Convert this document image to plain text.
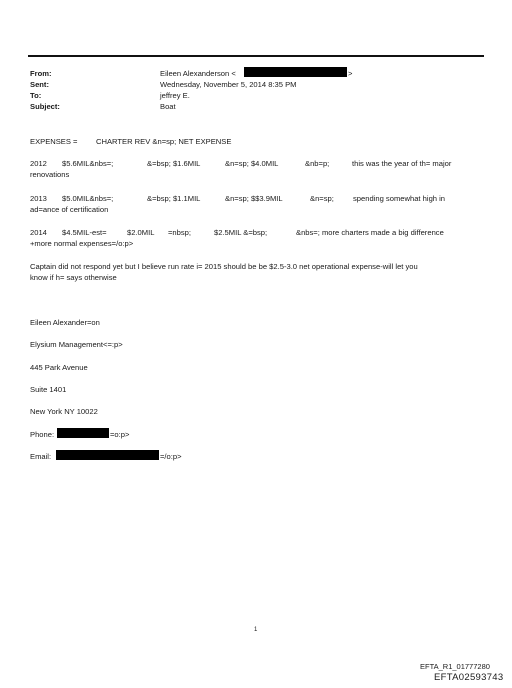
From:	Eileen Alexanderson <	>
Sent:	Wednesday, November 5, 2014 8:35 PM
To:	jeffrey E.
Subject:	Boat
EXPENSES = CHARTER REV &n=sp; NET EXPENSE
2012 $5.6MIL&nbs=;	&=bsp; $1.6MIL	&n=sp; $4.0MIL	&nb=p;	this was the year of th= major
renovations
2013 $5.0MIL&nbs=;	&=bsp; $1.1MIL	&n=sp; $$3.9MIL	&n=sp;	spending somewhat high in
ad=ance of certification
2014 $4.5MIL-est=	$2.0MIL =nbsp;	$2.5MIL &=bsp;	&nbs=; more charters made a big difference
+more normal expenses=/o:p>
Captain did not respond yet but I believe run rate i= 2015 should be be $2.5-3.0 net operational expense-will let you
know if h= says otherwise
Eileen Alexander=on
Elysium Management<=:p>
445 Park Avenue
Suite 1401
New York NY 10022
Phone:	=o:p>
Email:	=/o:p>
1
EFTA_R1_01777280
EFTA02593743
